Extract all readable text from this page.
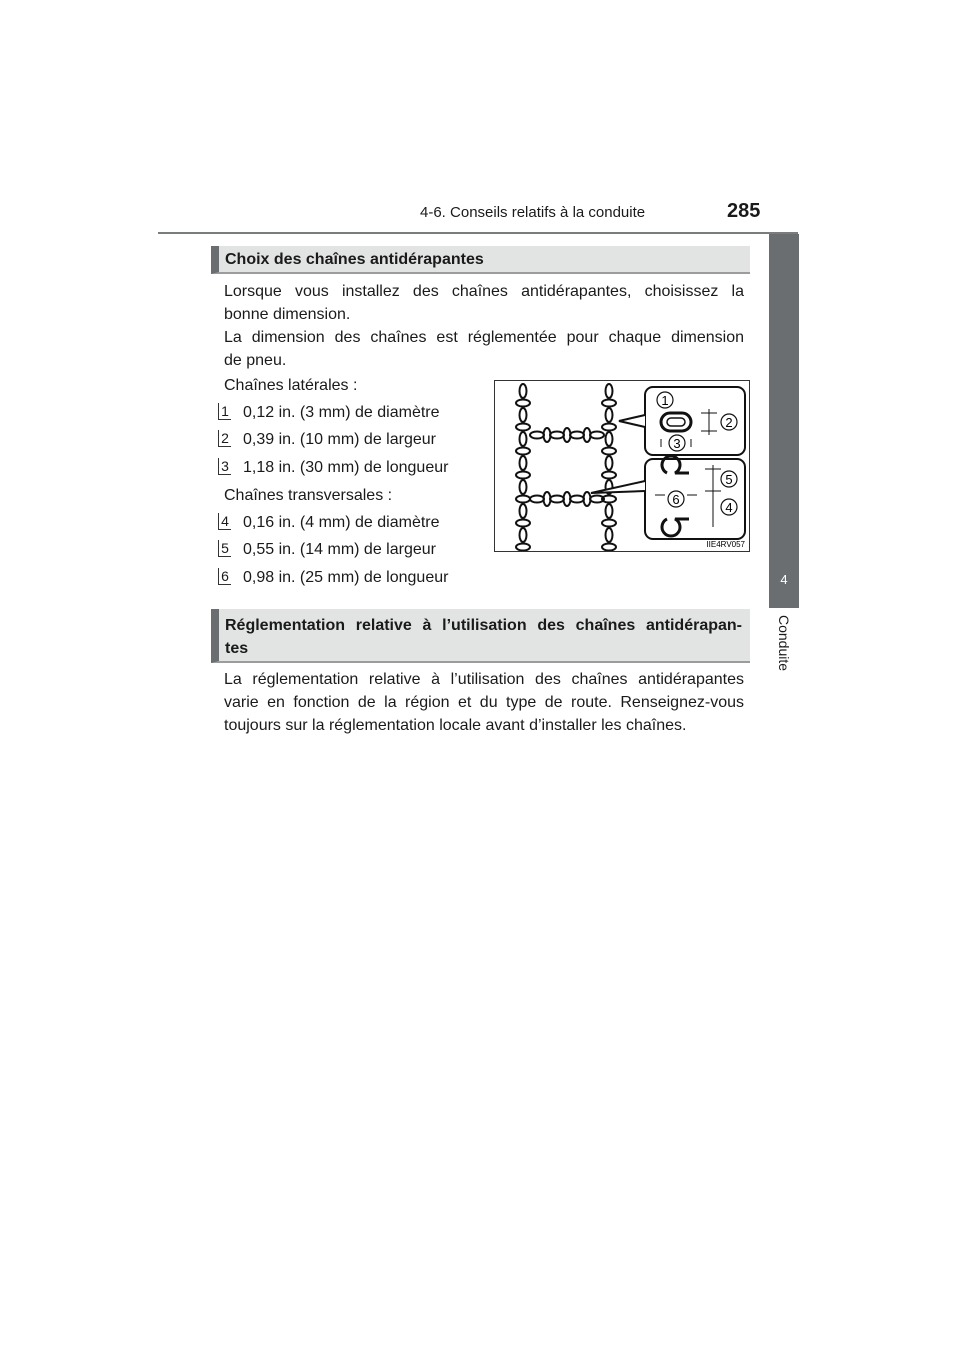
4-6. Conseils relatifs à la conduite	285
4
Conduite
Choix des chaînes antidérapantes
Lorsque vous installez des chaînes antidérapantes, choisissez la
bonne dimension.
La dimension des chaînes est réglementée pour chaque dimension
de pneu.
Chaînes latérales :
1 0,12 in. (3 mm) de diamètre
2 0,39 in. (10 mm) de largeur
3 1,18 in. (30 mm) de longueur
Chaînes transversales :
4 0,16 in. (4 mm) de diamètre
5 0,55 in. (14 mm) de largeur
6 0,98 in. (25 mm) de longueur
1
2
3
5
6
4
IIE4RV057
Réglementation relative à l’utilisation des chaînes antidérapan-
tes
La réglementation relative à l’utilisation des chaînes antidérapantes
varie en fonction de la région et du type de route. Renseignez-vous
toujours sur la réglementation locale avant d’installer les chaînes.
